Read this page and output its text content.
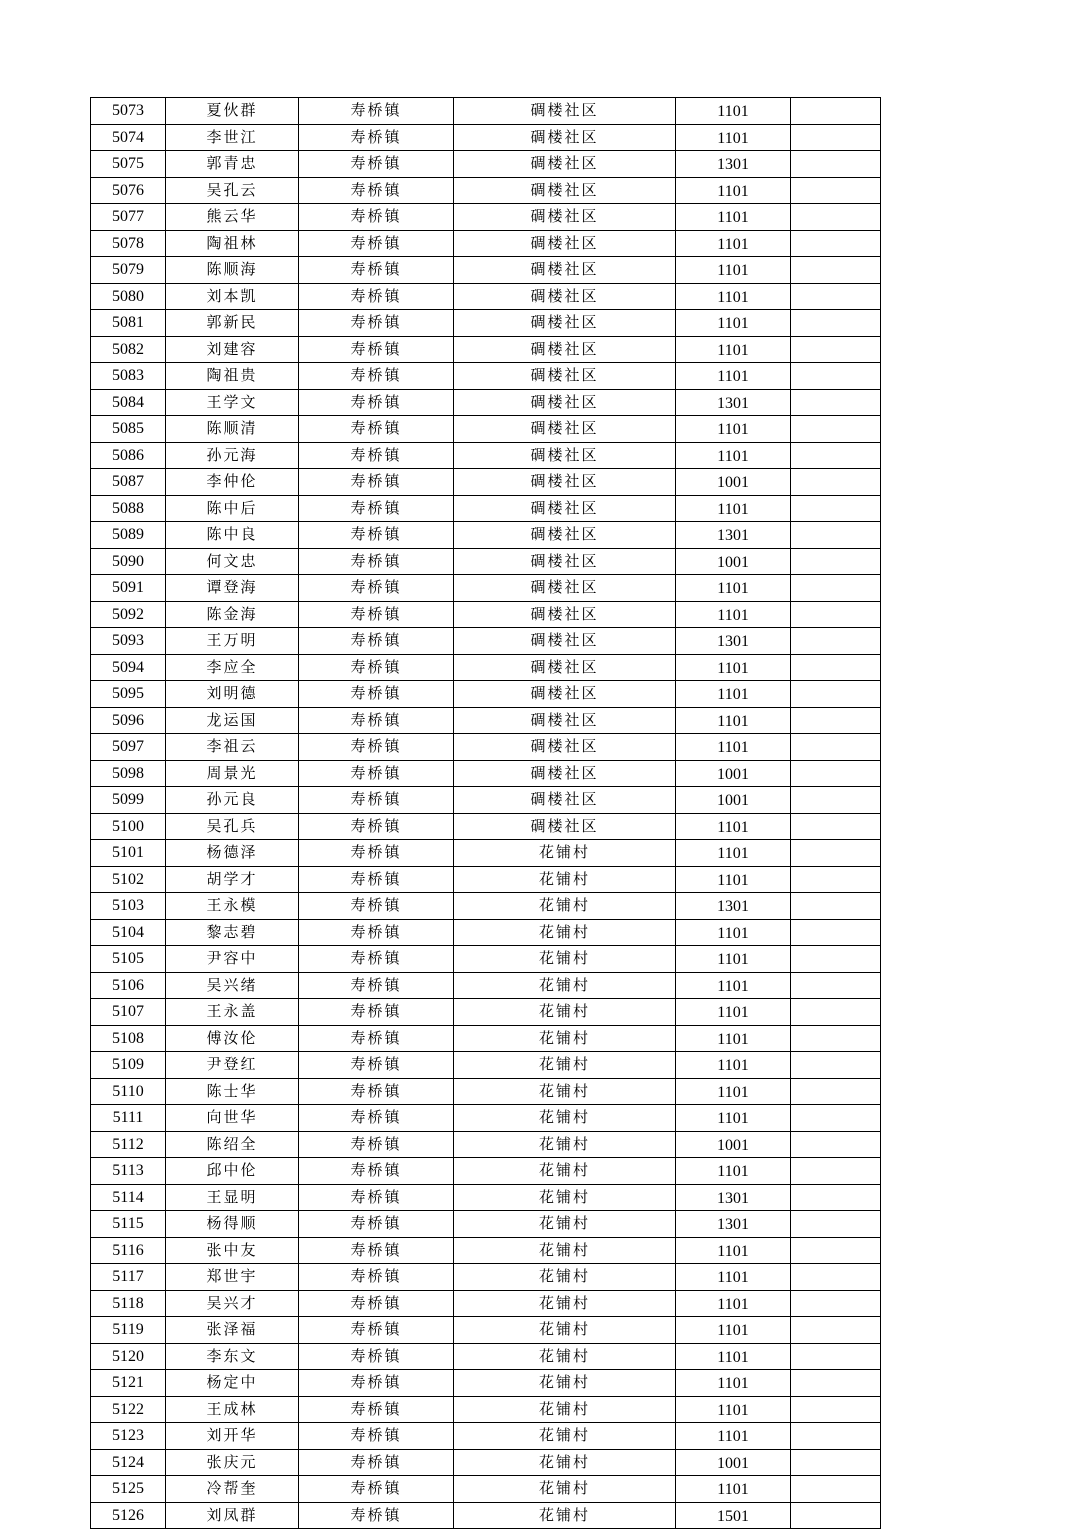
5073	夏伙群	寿桥镇	碉楼社区	1101	
5074	李世江	寿桥镇	碉楼社区	1101	
5075	郭青忠	寿桥镇	碉楼社区	1301	
5076	吴孔云	寿桥镇	碉楼社区	1101	
5077	熊云华	寿桥镇	碉楼社区	1101	
5078	陶祖林	寿桥镇	碉楼社区	1101	
5079	陈顺海	寿桥镇	碉楼社区	1101	
5080	刘本凯	寿桥镇	碉楼社区	1101	
5081	郭新民	寿桥镇	碉楼社区	1101	
5082	刘建容	寿桥镇	碉楼社区	1101	
5083	陶祖贵	寿桥镇	碉楼社区	1101	
5084	王学文	寿桥镇	碉楼社区	1301	
5085	陈顺清	寿桥镇	碉楼社区	1101	
5086	孙元海	寿桥镇	碉楼社区	1101	
5087	李仲伦	寿桥镇	碉楼社区	1001	
5088	陈中后	寿桥镇	碉楼社区	1101	
5089	陈中良	寿桥镇	碉楼社区	1301	
5090	何文忠	寿桥镇	碉楼社区	1001	
5091	谭登海	寿桥镇	碉楼社区	1101	
5092	陈金海	寿桥镇	碉楼社区	1101	
5093	王万明	寿桥镇	碉楼社区	1301	
5094	李应全	寿桥镇	碉楼社区	1101	
5095	刘明德	寿桥镇	碉楼社区	1101	
5096	龙运国	寿桥镇	碉楼社区	1101	
5097	李祖云	寿桥镇	碉楼社区	1101	
5098	周景光	寿桥镇	碉楼社区	1001	
5099	孙元良	寿桥镇	碉楼社区	1001	
5100	吴孔兵	寿桥镇	碉楼社区	1101	
5101	杨德泽	寿桥镇	花铺村	1101	
5102	胡学才	寿桥镇	花铺村	1101	
5103	王永模	寿桥镇	花铺村	1301	
5104	黎志碧	寿桥镇	花铺村	1101	
5105	尹容中	寿桥镇	花铺村	1101	
5106	吴兴绪	寿桥镇	花铺村	1101	
5107	王永盖	寿桥镇	花铺村	1101	
5108	傅汝伦	寿桥镇	花铺村	1101	
5109	尹登红	寿桥镇	花铺村	1101	
5110	陈士华	寿桥镇	花铺村	1101	
5111	向世华	寿桥镇	花铺村	1101	
5112	陈绍全	寿桥镇	花铺村	1001	
5113	邱中伦	寿桥镇	花铺村	1101	
5114	王显明	寿桥镇	花铺村	1301	
5115	杨得顺	寿桥镇	花铺村	1301	
5116	张中友	寿桥镇	花铺村	1101	
5117	郑世宇	寿桥镇	花铺村	1101	
5118	吴兴才	寿桥镇	花铺村	1101	
5119	张泽福	寿桥镇	花铺村	1101	
5120	李东文	寿桥镇	花铺村	1101	
5121	杨定中	寿桥镇	花铺村	1101	
5122	王成林	寿桥镇	花铺村	1101	
5123	刘开华	寿桥镇	花铺村	1101	
5124	张庆元	寿桥镇	花铺村	1001	
5125	冷帮奎	寿桥镇	花铺村	1101	
5126	刘凤群	寿桥镇	花铺村	1501	
